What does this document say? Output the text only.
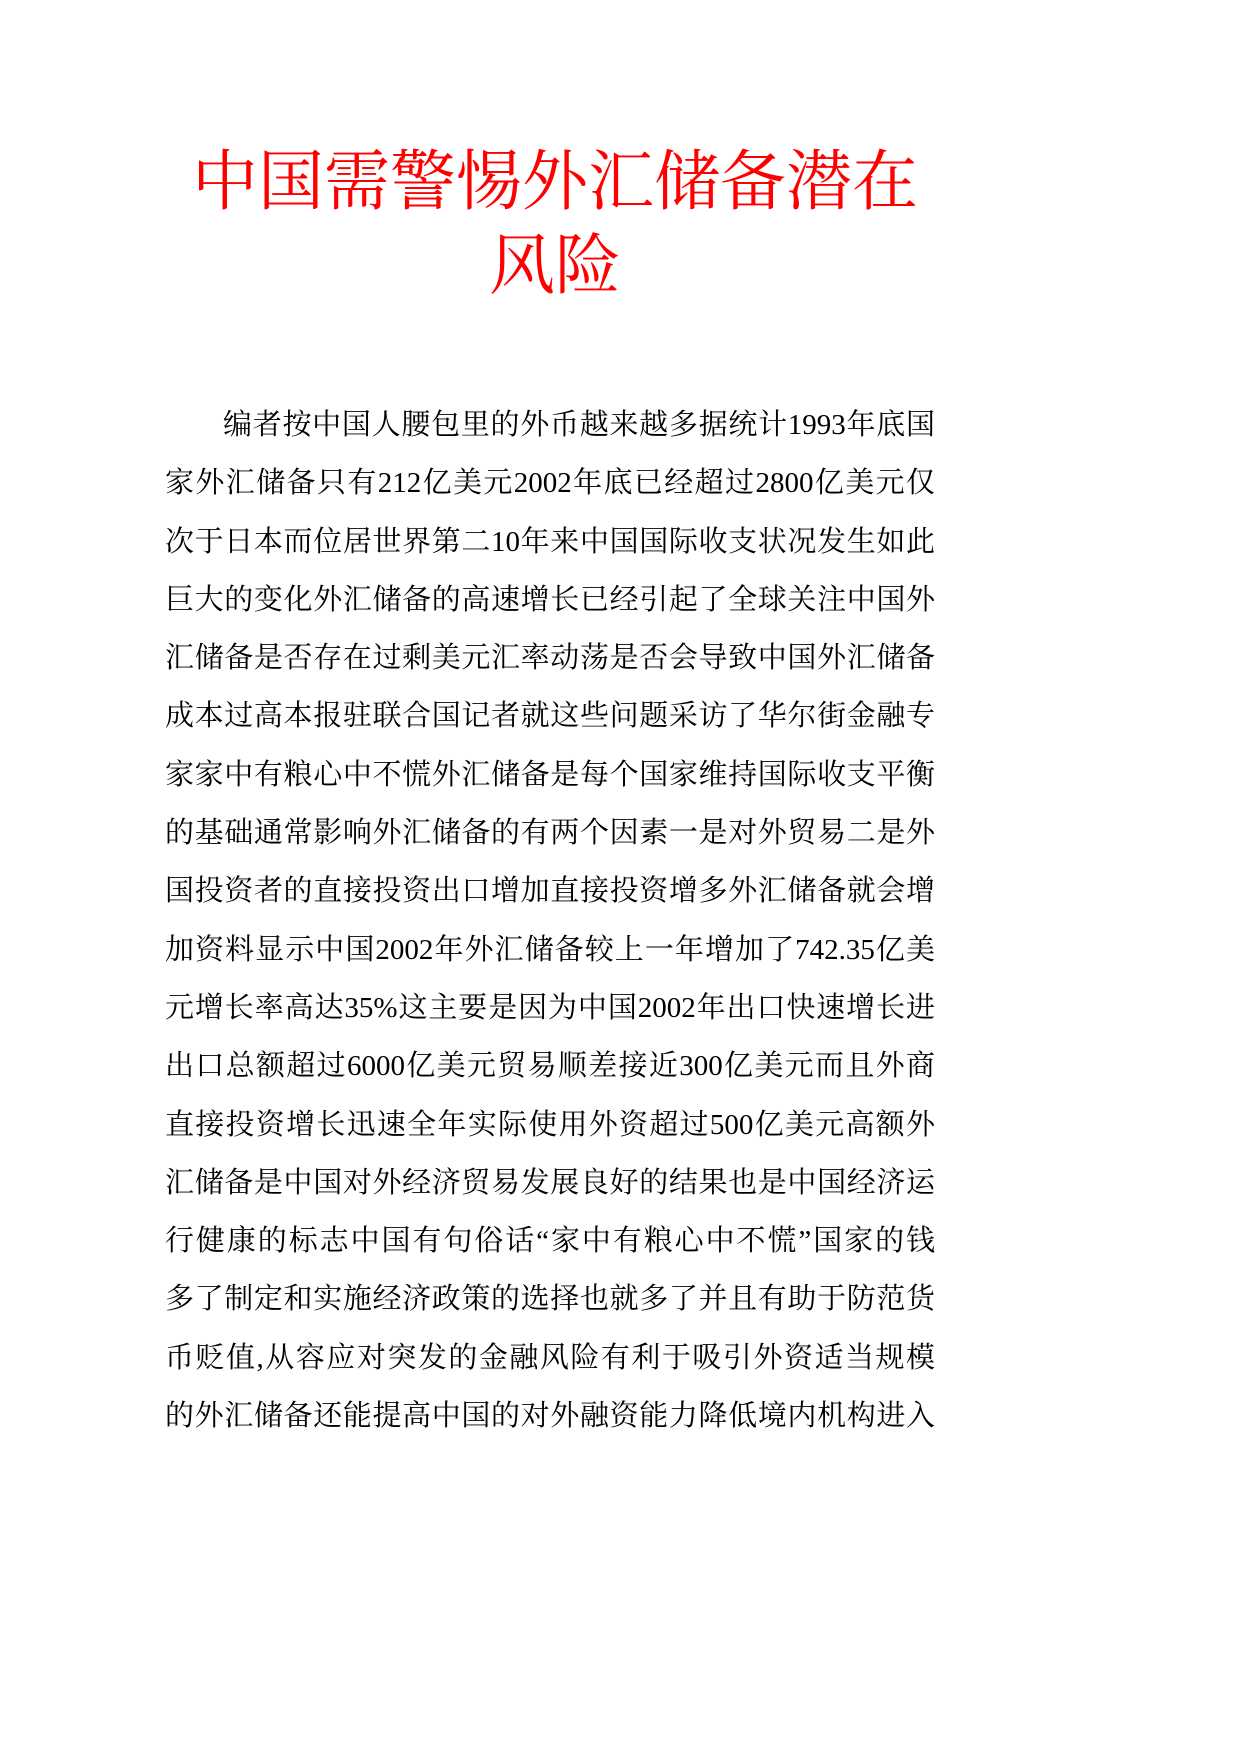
中国需警惕外汇储备潜在
风险
编者按中国人腰包里的外币越来越多据统计1993年底国
家外汇储备只有212亿美元2002年底已经超过2800亿美元仅
次于日本而位居世界第二10年来中国国际收支状况发生如此
巨大的变化外汇储备的高速增长已经引起了全球关注中国外
汇储备是否存在过剩美元汇率动荡是否会导致中国外汇储备
成本过高本报驻联合国记者就这些问题采访了华尔街金融专
家家中有粮心中不慌外汇储备是每个国家维持国际收支平衡
的基础通常影响外汇储备的有两个因素一是对外贸易二是外
国投资者的直接投资出口增加直接投资增多外汇储备就会增
加资料显示中国2002年外汇储备较上一年增加了742.35亿美
元增长率高达35%这主要是因为中国2002年出口快速增长进
出口总额超过6000亿美元贸易顺差接近300亿美元而且外商
直接投资增长迅速全年实际使用外资超过500亿美元高额外
汇储备是中国对外经济贸易发展良好的结果也是中国经济运
行健康的标志中国有句俗话“家中有粮心中不慌”国家的钱
多了制定和实施经济政策的选择也就多了并且有助于防范货
币贬值,从容应对突发的金融风险有利于吸引外资适当规模
的外汇储备还能提高中国的对外融资能力降低境内机构进入
